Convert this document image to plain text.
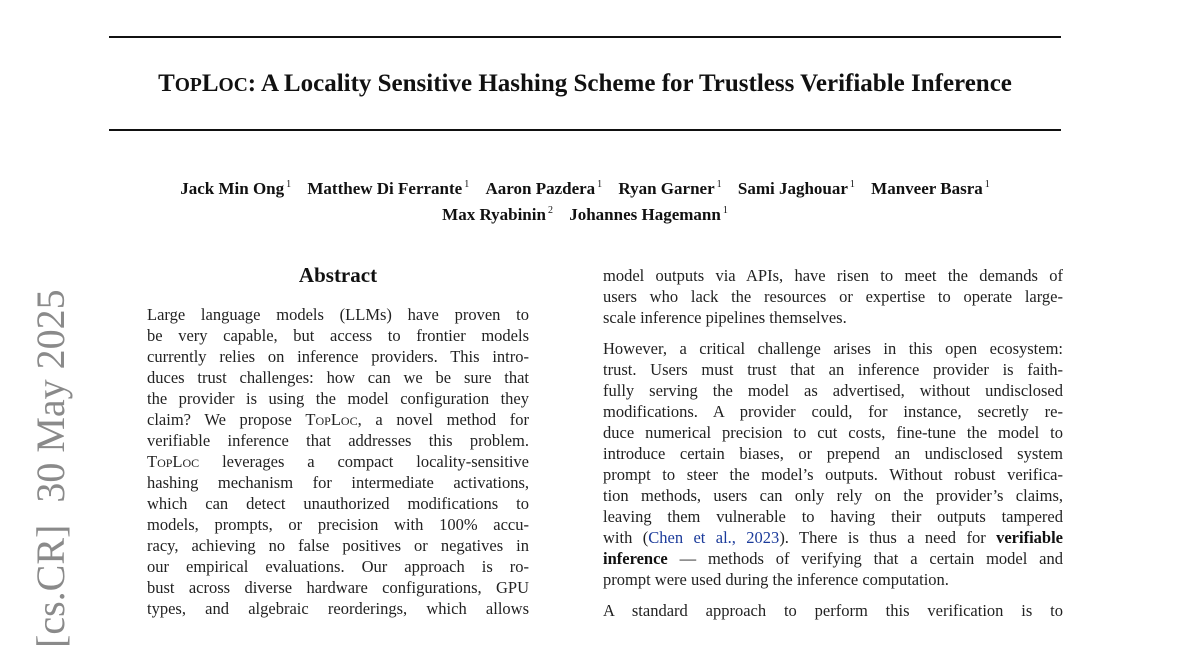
TOPLOC: A Locality Sensitive Hashing Scheme for Trustless Verifiable Inference
Jack Min Ong $^1$ Matthew Di Ferrante $^1$ Aaron Pazdera $^1$ Ryan Garner $^1$ Sami Jaghouar $^1$ Manveer Basra $^1$
Max Ryabinin $^2$ Johannes Hagemann $^1$
[cs.CR]30 May 2025
Abstract
Large language models (LLMs) have proven to
be very capable, but access to frontier models
currently relies on inference providers. This intro-
duces trust challenges: how can we be sure that
the provider is using the model configuration they
claim? We propose TopLoc, a novel method for
verifiable inference that addresses this problem.
TopLoc leverages a compact locality-sensitive
hashing mechanism for intermediate activations,
which can detect unauthorized modifications to
models, prompts, or precision with 100% accu-
racy, achieving no false positives or negatives in
our empirical evaluations. Our approach is ro-
bust across diverse hardware configurations, GPU
types, and algebraic reorderings, which allows
model outputs via APIs, have risen to meet the demands of
users who lack the resources or expertise to operate large-
scale inference pipelines themselves.
However, a critical challenge arises in this open ecosystem:
trust. Users must trust that an inference provider is faith-
fully serving the model as advertised, without undisclosed
modifications. A provider could, for instance, secretly re-
duce numerical precision to cut costs, fine-tune the model to
introduce certain biases, or prepend an undisclosed system
prompt to steer the model’s outputs. Without robust verifica-
tion methods, users can only rely on the provider’s claims,
leaving them vulnerable to having their outputs tampered
with (Chen et al., 2023). There is thus a need for verifiable
inference — methods of verifying that a certain model and
prompt were used during the inference computation.
A standard approach to perform this verification is to
